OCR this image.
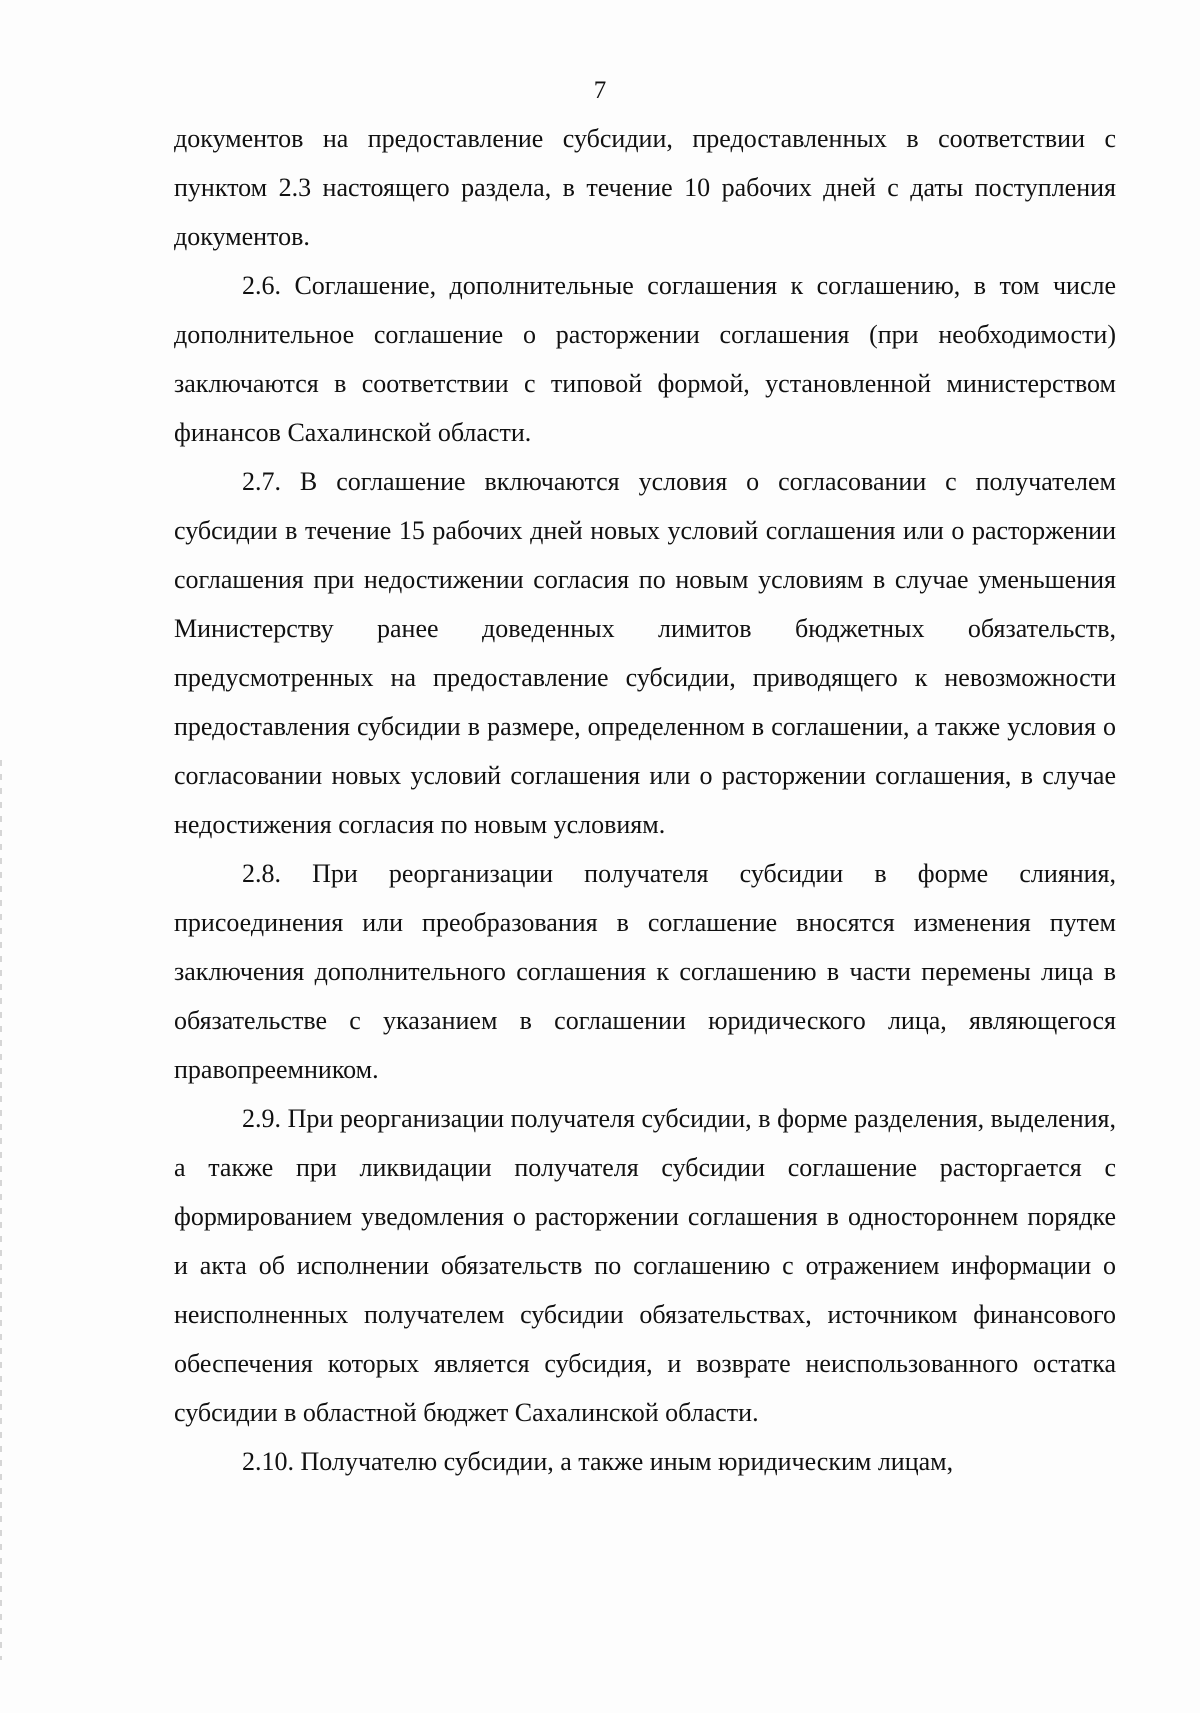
7

документов на предоставление субсидии, предоставленных в соответствии с пунктом 2.3 настоящего раздела, в течение 10 рабочих дней с даты поступления документов.

2.6. Соглашение, дополнительные соглашения к соглашению, в том числе дополнительное соглашение о расторжении соглашения (при необходимости) заключаются в соответствии с типовой формой, установленной министерством финансов Сахалинской области.

2.7. В соглашение включаются условия о согласовании с получателем субсидии в течение 15 рабочих дней новых условий соглашения или о расторжении соглашения при недостижении согласия по новым условиям в случае уменьшения Министерству ранее доведенных лимитов бюджетных обязательств, предусмотренных на предоставление субсидии, приводящего к невозможности предоставления субсидии в размере, определенном в соглашении, а также условия о согласовании новых условий соглашения или о расторжении соглашения, в случае недостижения согласия по новым условиям.

2.8. При реорганизации получателя субсидии в форме слияния, присоединения или преобразования в соглашение вносятся изменения путем заключения дополнительного соглашения к соглашению в части перемены лица в обязательстве с указанием в соглашении юридического лица, являющегося правопреемником.

2.9. При реорганизации получателя субсидии, в форме разделения, выделения, а также при ликвидации получателя субсидии соглашение расторгается с формированием уведомления о расторжении соглашения в одностороннем порядке и акта об исполнении обязательств по соглашению с отражением информации о неисполненных получателем субсидии обязательствах, источником финансового обеспечения которых является субсидия, и возврате неиспользованного остатка субсидии в областной бюджет Сахалинской области.

2.10. Получателю субсидии, а также иным юридическим лицам,
